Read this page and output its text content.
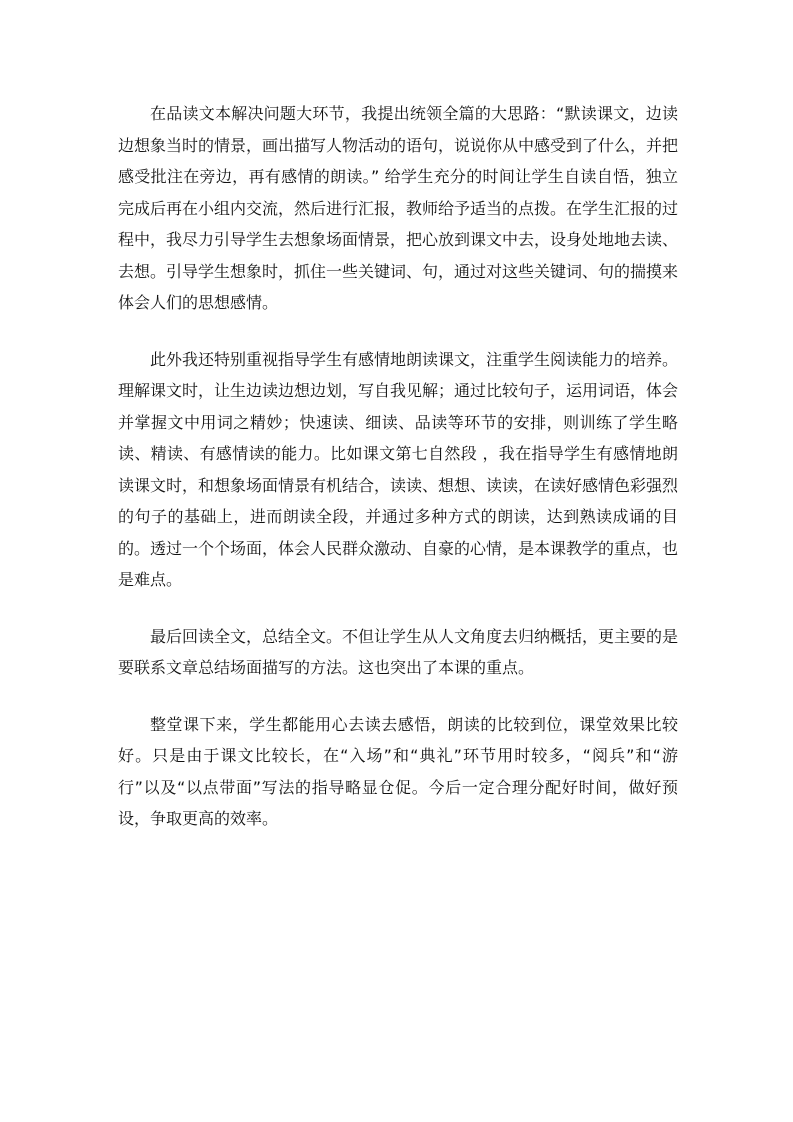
在品读文本解决问题大环节，我提出统领全篇的大思路：“默读课文，边读边想象当时的情景，画出描写人物活动的语句，说说你从中感受到了什么，并把感受批注在旁边，再有感情的朗读。” 给学生充分的时间让学生自读自悟，独立完成后再在小组内交流，然后进行汇报，教师给予适当的点拨。在学生汇报的过程中，我尽力引导学生去想象场面情景，把心放到课文中去，设身处地地去读、去想。引导学生想象时，抓住一些关键词、句，通过对这些关键词、句的揣摸来体会人们的思想感情。

此外我还特别重视指导学生有感情地朗读课文，注重学生阅读能力的培养。理解课文时，让生边读边想边划，写自我见解；通过比较句子，运用词语，体会并掌握文中用词之精妙；快速读、细读、品读等环节的安排，则训练了学生略读、精读、有感情读的能力。比如课文第七自然段 ，我在指导学生有感情地朗读课文时，和想象场面情景有机结合，读读、想想、读读，在读好感情色彩强烈的句子的基础上，进而朗读全段，并通过多种方式的朗读，达到熟读成诵的目的。透过一个个场面，体会人民群众激动、自豪的心情，是本课教学的重点，也是难点。

最后回读全文，总结全文。不但让学生从人文角度去归纳概括，更主要的是要联系文章总结场面描写的方法。这也突出了本课的重点。

整堂课下来，学生都能用心去读去感悟，朗读的比较到位，课堂效果比较好。只是由于课文比较长，在“入场”和“典礼”环节用时较多，“阅兵”和“游行”以及“以点带面”写法的指导略显仓促。今后一定合理分配好时间，做好预设，争取更高的效率。
